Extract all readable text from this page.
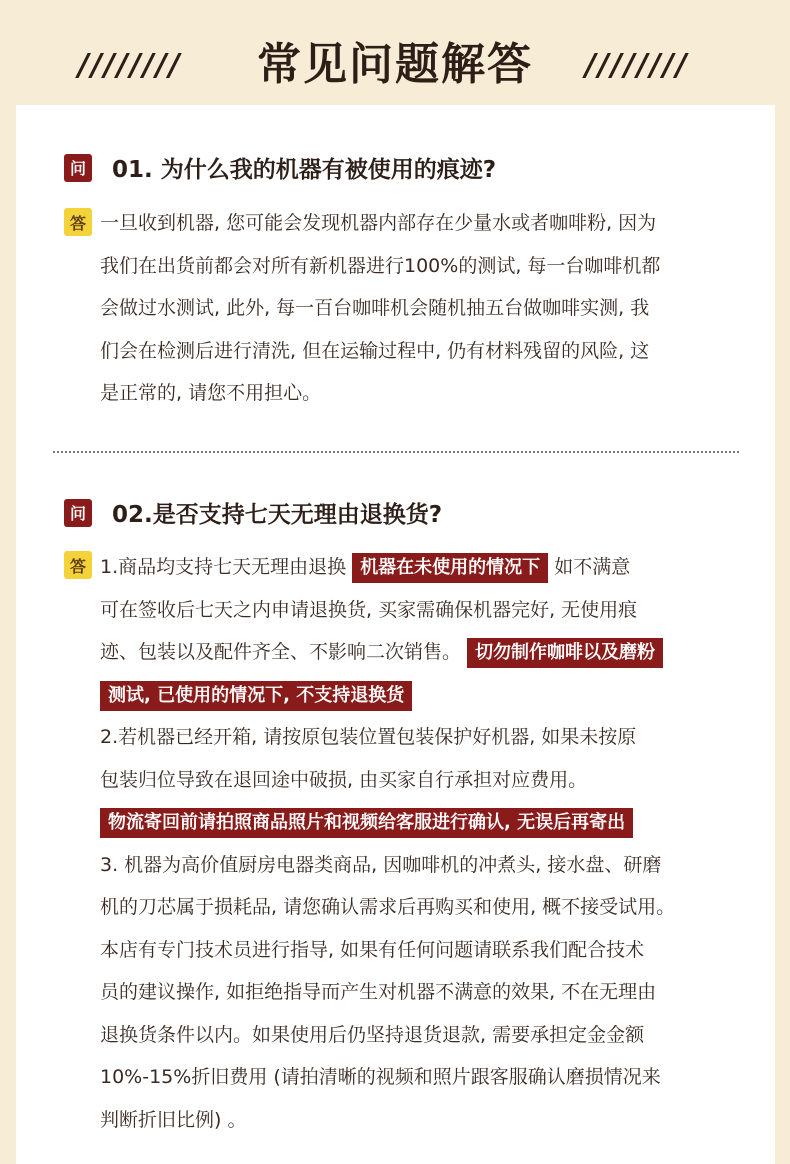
////////	常见问题解答	////////
问 01. 为什么我的机器有被使用的痕迹?
答 一旦收到机器, 您可能会发现机器内部存在少量水或者咖啡粉, 因为
我们在出货前都会对所有新机器进行100%的测试, 每一台咖啡机都
会做过水测试, 此外, 每一百台咖啡机会随机抽五台做咖啡实测, 我
们会在检测后进行清洗, 但在运输过程中, 仍有材料残留的风险, 这
是正常的, 请您不用担心。
问 02.是否支持七天无理由退换货?
答 1.商品均支持七天无理由退换 机器在未使用的情况下 如不满意
可在签收后七天之内申请退换货, 买家需确保机器完好, 无使用痕
迹、包装以及配件齐全、不影响二次销售。 切勿制作咖啡以及磨粉
测试, 已使用的情况下, 不支持退换货
2.若机器已经开箱, 请按原包装位置包装保护好机器, 如果未按原
包装归位导致在退回途中破损, 由买家自行承担对应费用。
物流寄回前请拍照商品照片和视频给客服进行确认, 无误后再寄出
3. 机器为高价值厨房电器类商品, 因咖啡机的冲煮头, 接水盘、研磨
机的刀芯属于损耗品, 请您确认需求后再购买和使用, 概不接受试用。
本店有专门技术员进行指导, 如果有任何问题请联系我们配合技术
员的建议操作, 如拒绝指导而产生对机器不满意的效果, 不在无理由
退换货条件以内。如果使用后仍坚持退货退款, 需要承担定金金额
10%-15%折旧费用 (请拍清晰的视频和照片跟客服确认磨损情况来
判断折旧比例) 。
